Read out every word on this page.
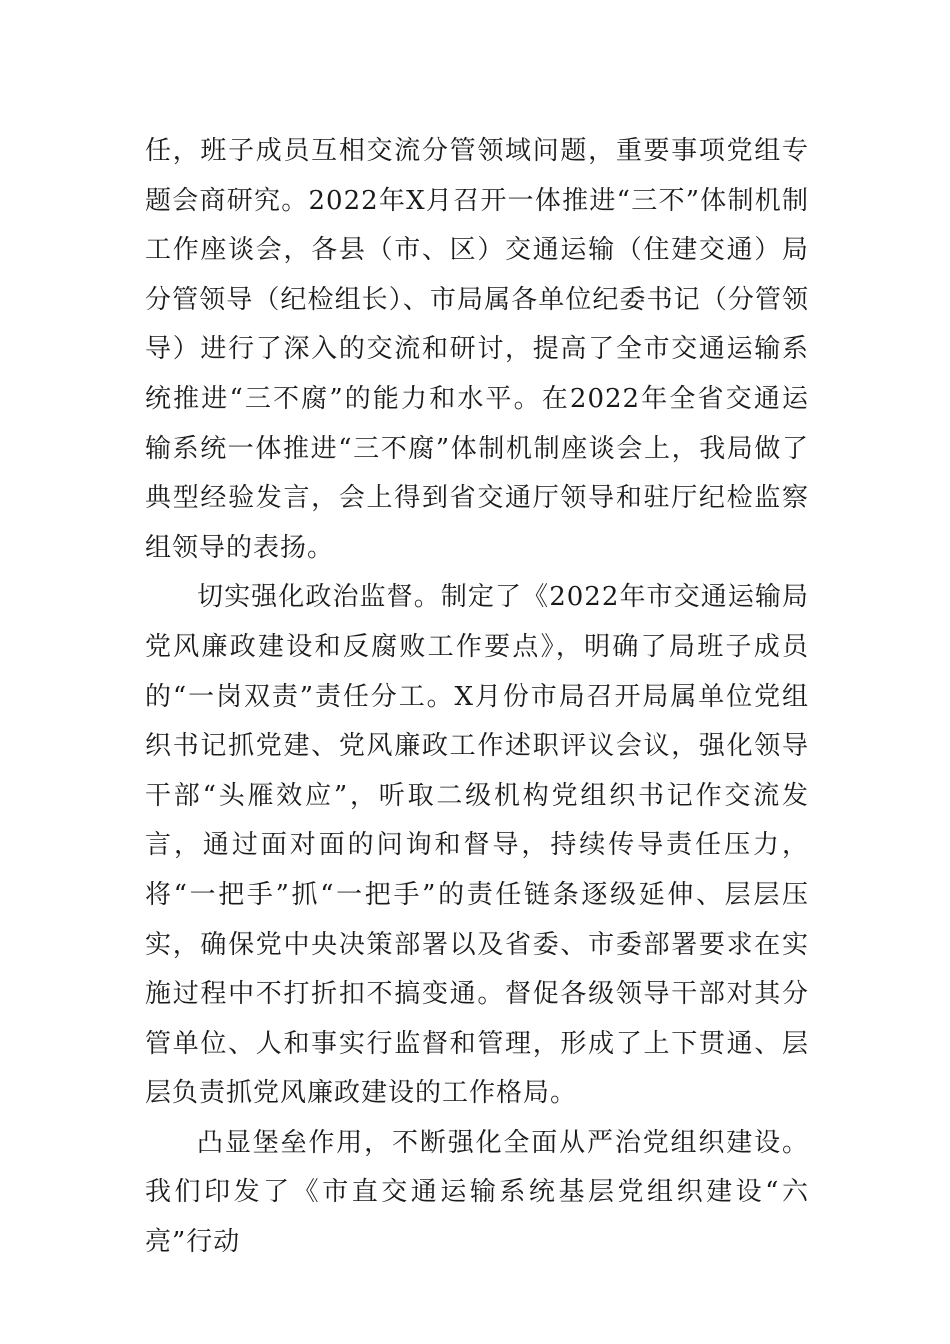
任，班子成员互相交流分管领域问题，重要事项党组专题会商研究。2022年X月召开一体推进“三不”体制机制工作座谈会，各县（市、区）交通运输（住建交通）局分管领导（纪检组长）、市局属各单位纪委书记（分管领导）进行了深入的交流和研讨，提高了全市交通运输系统推进“三不腐”的能力和水平。在2022年全省交通运输系统一体推进“三不腐”体制机制座谈会上，我局做了典型经验发言，会上得到省交通厅领导和驻厅纪检监察组领导的表扬。

切实强化政治监督。制定了《2022年市交通运输局党风廉政建设和反腐败工作要点》，明确了局班子成员的“一岗双责”责任分工。X月份市局召开局属单位党组织书记抓党建、党风廉政工作述职评议会议，强化领导干部“头雁效应”，听取二级机构党组织书记作交流发言，通过面对面的问询和督导，持续传导责任压力，将“一把手”抓“一把手”的责任链条逐级延伸、层层压实，确保党中央决策部署以及省委、市委部署要求在实施过程中不打折扣不搞变通。督促各级领导干部对其分管单位、人和事实行监督和管理，形成了上下贯通、层层负责抓党风廉政建设的工作格局。

凸显堡垒作用，不断强化全面从严治党组织建设。我们印发了《市直交通运输系统基层党组织建设“六亮”行动
